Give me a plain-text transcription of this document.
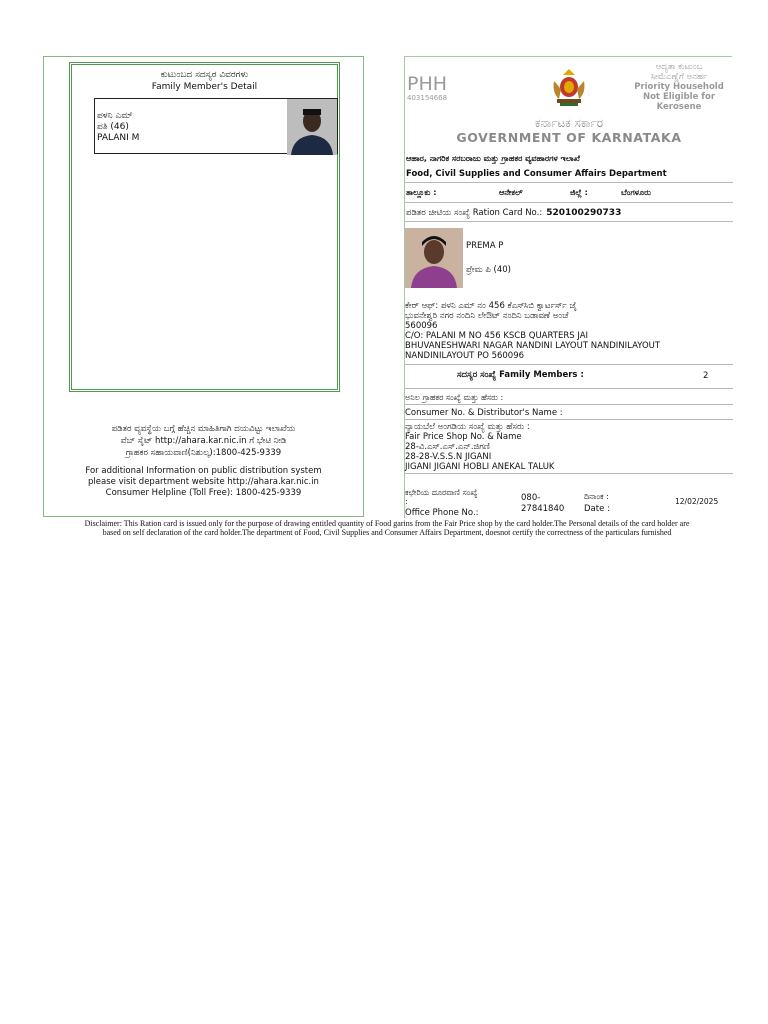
ಕುಟುಂಬದ ಸದಸ್ಯರ ವಿವರಗಳು
Family Member's Detail
ಪಳನಿ ಎಮ್
ಪತಿ (46)
PALANI M
ಪಡಿತರ ವ್ಯವಸ್ಥೆಯ ಬಗ್ಗೆ ಹೆಚ್ಚಿನ ಮಾಹಿತಿಗಾಗಿ ದಯವಿಟ್ಟು ಇಲಾಖೆಯ
ವೆಬ್ ಸೈಟ್ http://ahara.kar.nic.in ಗೆ ಭೇಟಿ ನೀಡಿ
ಗ್ರಾಹಕರ ಸಹಾಯವಾಣಿ(ನಿಶುಲ್ಕ):1800-425-9339
For additional Information on public distribution system
please visit department website http://ahara.kar.nic.in
Consumer Helpline (Toll Free): 1800-425-9339
PHH
403154668
ಆದ್ಯತಾ ಕುಟುಂಬ
ಸೀಮೆಎಣ್ಣೆಗೆ ಅನರ್ಹ
Priority Household
Not Eligible for
Kerosene
ಕರ್ನಾಟಕ ಸರ್ಕಾರ
GOVERNMENT OF KARNATAKA
ಆಹಾರ, ನಾಗರಿಕ ಸರಬರಾಜು ಮತ್ತು ಗ್ರಾಹಕರ ವ್ಯವಹಾರಗಳ ಇಲಾಖೆ
Food, Civil Supplies and Consumer Affairs Department
ತಾಲ್ಲೂಕು :	ಆನೇಕಲ್	ಜಿಲ್ಲೆ :	ಬೆಂಗಳೂರು
ಪಡಿತರ ಚೀಟಿಯ ಸಂಖ್ಯೆ Ration Card No.: 520100290733
PREMA P
ಪ್ರೇಮ ಪಿ (40)
ಕೇರ್ ಆಫ್: ಪಳನಿ ಎಮ್ ನಂ 456 ಕೆಎಸ್‍ಸಿಬಿ ಕ್ವಾರ್ಟರ್ಸ್ ಜೈ
ಭುವನೇಶ್ವರಿ ನಗರ ನಂದಿನಿ ಲೇಔಟ್ ನಂದಿನಿ ಬಡಾವಣೆ ಅಂಚೆ
560096
C/O: PALANI M NO 456 KSCB QUARTERS JAI
BHUVANESHWARI NAGAR NANDINI LAYOUT NANDINILAYOUT
NANDINILAYOUT PO 560096
ಸದಸ್ಯರ ಸಂಖ್ಯೆ Family Members :	2
ಅನಿಲ ಗ್ರಾಹಕರ ಸಂಖ್ಯೆ ಮತ್ತು ಹೆಸರು :
Consumer No. & Distributor's Name :
ನ್ಯಾಯಬೆಲೆ ಅಂಗಡಿಯ ಸಂಖ್ಯೆ ಮತ್ತು ಹೆಸರು :
Fair Price Shop No. & Name
28-ವಿ.ಎಸ್.ಎಸ್.ಎನ್.ಜಿಗಣಿ
28-28-V.S.S.N JIGANI
JIGANI JIGANI HOBLI ANEKAL TALUK
ಕಛೇರಿಯ ದೂರವಾಣಿ ಸಂಖ್ಯೆ
:
Office Phone No.:
080-
27841840
ದಿನಾಂಕ :
Date :
12/02/2025
Disclaimer: This Ration card is issued only for the purpose of drawing entitled quantity of Food garins from the Fair Price shop by the card holder.The Personal details of the card holder are
based on self declaration of the card holder.The department of Food, Civil Supplies and Consumer Affairs Department, doesnot certify the correctness of the particulars furnished
